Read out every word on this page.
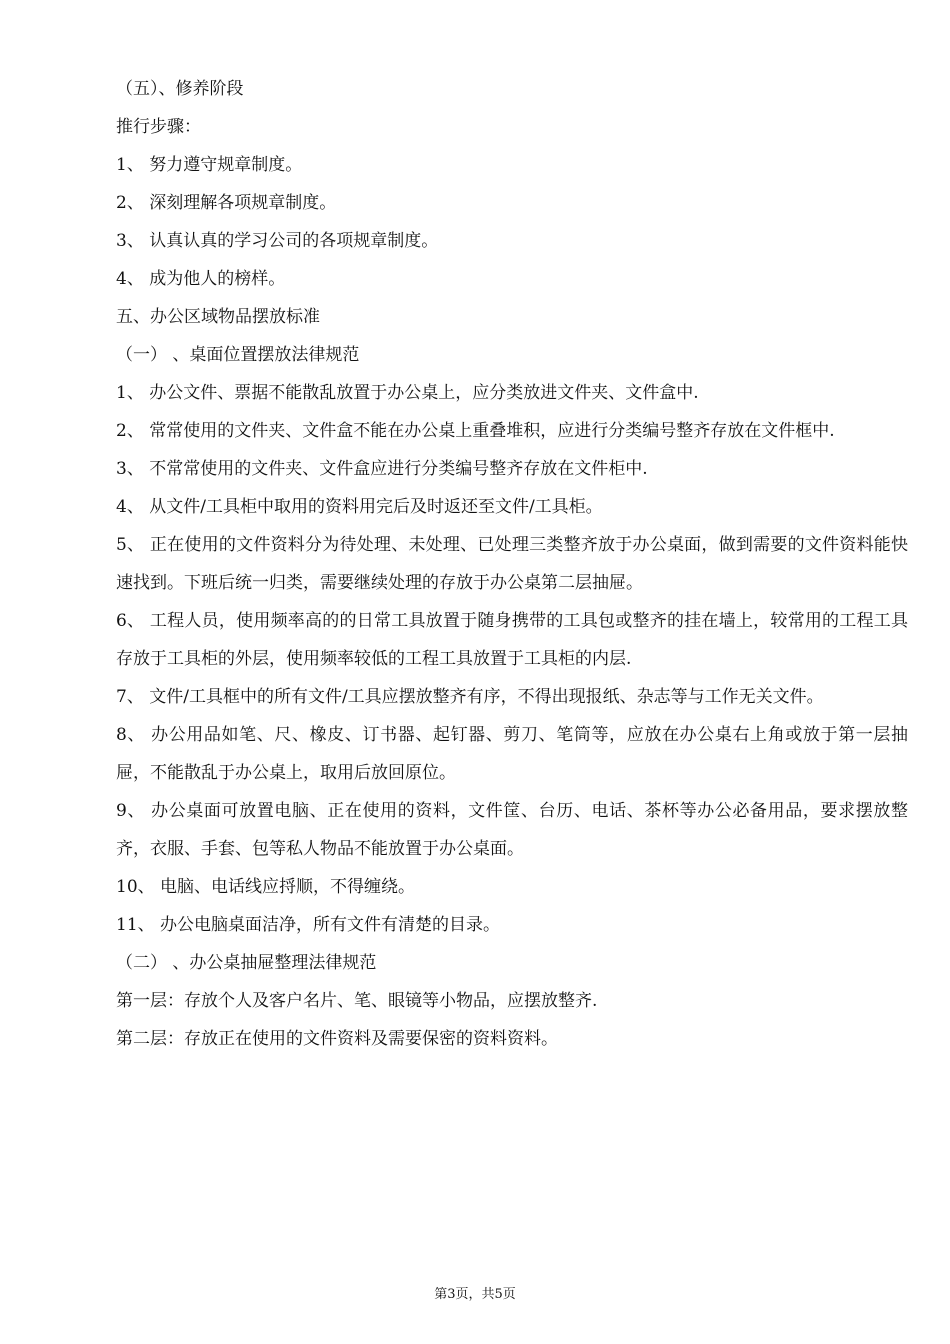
（五）、修养阶段

推行步骤：

1、 努力遵守规章制度。

2、 深刻理解各项规章制度。

3、 认真认真的学习公司的各项规章制度。

4、 成为他人的榜样。

五、办公区域物品摆放标准

（一） 、桌面位置摆放法律规范

1、 办公文件、票据不能散乱放置于办公桌上，应分类放进文件夹、文件盒中.

2、 常常使用的文件夹、文件盒不能在办公桌上重叠堆积，应进行分类编号整齐存放在文件框中.

3、 不常常使用的文件夹、文件盒应进行分类编号整齐存放在文件柜中.

4、 从文件/工具柜中取用的资料用完后及时返还至文件/工具柜。

5、 正在使用的文件资料分为待处理、未处理、已处理三类整齐放于办公桌面，做到需要的文件资料能快速找到。下班后统一归类，需要继续处理的存放于办公桌第二层抽屉。

6、 工程人员，使用频率高的的日常工具放置于随身携带的工具包或整齐的挂在墙上，较常用的工程工具存放于工具柜的外层，使用频率较低的工程工具放置于工具柜的内层.

7、 文件/工具框中的所有文件/工具应摆放整齐有序，不得出现报纸、杂志等与工作无关文件。

8、 办公用品如笔、尺、橡皮、订书器、起钉器、剪刀、笔筒等，应放在办公桌右上角或放于第一层抽屉，不能散乱于办公桌上，取用后放回原位。

9、 办公桌面可放置电脑、正在使用的资料，文件筐、台历、电话、茶杯等办公必备用品，要求摆放整齐，衣服、手套、包等私人物品不能放置于办公桌面。

10、 电脑、电话线应捋顺，不得缠绕。

11、 办公电脑桌面洁净，所有文件有清楚的目录。

（二） 、办公桌抽屉整理法律规范

第一层：存放个人及客户名片、笔、眼镜等小物品，应摆放整齐.

第二层：存放正在使用的文件资料及需要保密的资料资料。

第3页，共5页
